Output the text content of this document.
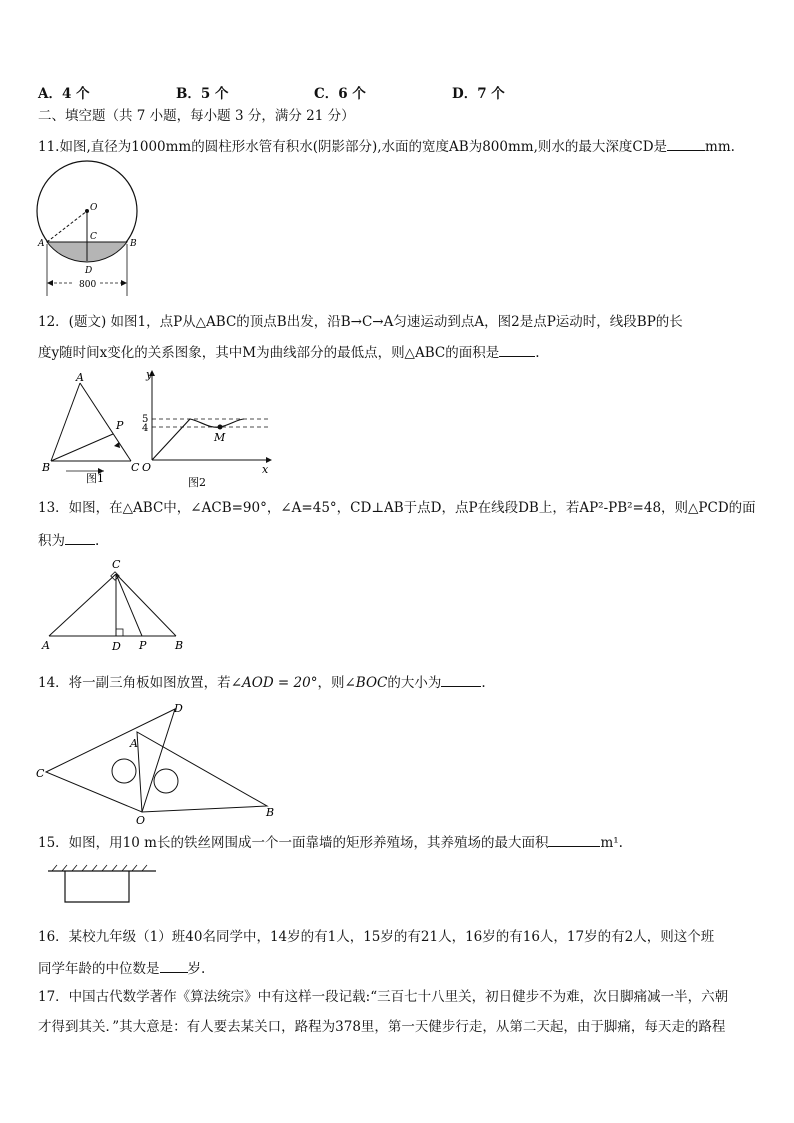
A．4 个	B．5 个	C．6 个	D．7 个
二、填空题（共 7 小题，每小题 3 分，满分 21 分）
11.如图,直径为1000mm的圆柱形水管有积水(阴影部分),水面的宽度AB为800mm,则水的最大深度CD是	mm.
800
O
A	B
C
D
12．(题文) 如图1，点P从△ABC的顶点B出发，沿B→C→A匀速运动到点A，图2是点P运动时，线段BP的长
度y随时间x变化的关系图象，其中M为曲线部分的最低点，则△ABC的面积是	.
A
B	C
P
图1
y
x
O
5
4
M
图2
13．如图，在△ABC中，∠ACB=90°，∠A=45°，CD⊥AB于点D，点P在线段DB上，若AP²-PB²=48，则△PCD的面
积为 .
C
A	D P	B
14．将一副三角板如图放置，若∠AOD = 20°，则∠BOC的大小为	.
D
A
C
O
B
15．如图，用10 m长的铁丝网围成一个一面靠墙的矩形养殖场，其养殖场的最大面积	m¹.
16．某校九年级（1）班40名同学中，14岁的有1人，15岁的有21人，16岁的有16人，17岁的有2人，则这个班
同学年龄的中位数是 岁.
17．中国古代数学著作《算法统宗》中有这样一段记载:“三百七十八里关，初日健步不为难，次日脚痛减一半，六朝
才得到其关．”其大意是：有人要去某关口，路程为378里，第一天健步行走，从第二天起，由于脚痛，每天走的路程
